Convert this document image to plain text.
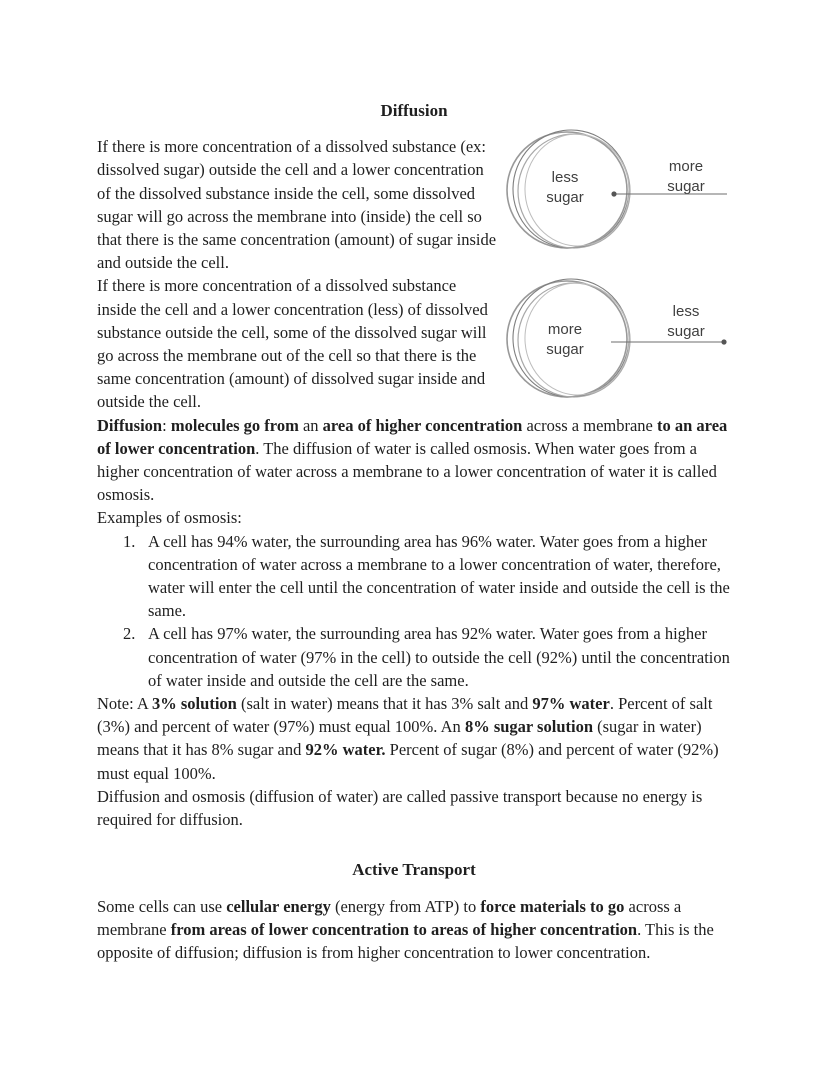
Diffusion

If there is more concentration of a dissolved substance (ex: dissolved sugar) outside the cell and a lower concentration of the dissolved substance inside the cell, some dissolved sugar will go across the membrane into (inside) the cell so that there is the same concentration (amount) of sugar inside and outside the cell.

If there is more concentration of a dissolved substance inside the cell and a lower concentration (less) of dissolved substance outside the cell, some of the dissolved sugar will go across the membrane out of the cell so that there is the same concentration (amount) of dissolved sugar inside and outside the cell.

less
sugar
more
sugar
more
sugar
less
sugar

Diffusion: molecules go from an area of higher concentration across a membrane to an area of lower concentration. The diffusion of water is called osmosis. When water goes from a higher concentration of water across a membrane to a lower concentration of water it is called osmosis.

Examples of osmosis:

1. A cell has 94% water, the surrounding area has 96% water. Water goes from a higher concentration of water across a membrane to a lower concentration of water, therefore, water will enter the cell until the concentration of water inside and outside the cell is the same.
2. A cell has 97% water, the surrounding area has 92% water. Water goes from a higher concentration of water (97% in the cell) to outside the cell (92%) until the concentration of water inside and outside the cell are the same.

Note: A 3% solution (salt in water) means that it has 3% salt and 97% water. Percent of salt (3%) and percent of water (97%) must equal 100%. An 8% sugar solution (sugar in water) means that it has 8% sugar and 92% water. Percent of sugar (8%) and percent of water (92%) must equal 100%.

Diffusion and osmosis (diffusion of water) are called passive transport because no energy is required for diffusion.

Active Transport

Some cells can use cellular energy (energy from ATP) to force materials to go across a membrane from areas of lower concentration to areas of higher concentration. This is the opposite of diffusion; diffusion is from higher concentration to lower concentration.
